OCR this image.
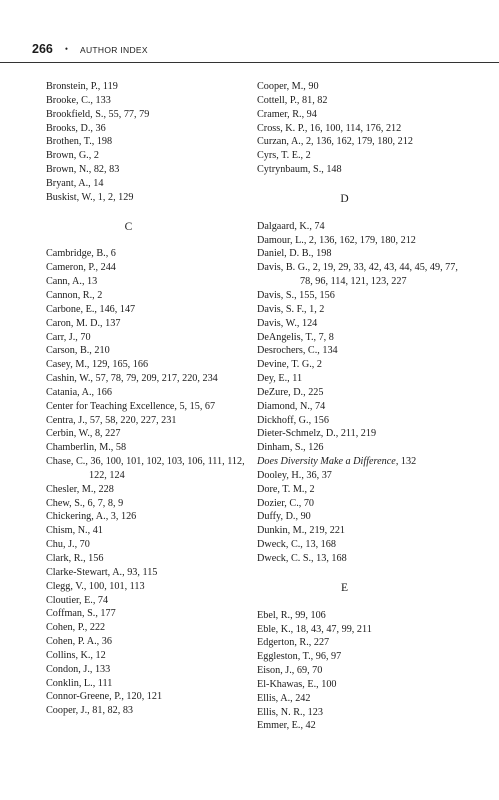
266 • AUTHOR INDEX

Bronstein, P., 119

Brooke, C., 133

Brookfield, S., 55, 77, 79

Brooks, D., 36

Brothen, T., 198

Brown, G., 2

Brown, N., 82, 83

Bryant, A., 14

Buskist, W., 1, 2, 129

C

Cambridge, B., 6

Cameron, P., 244

Cann, A., 13

Cannon, R., 2

Carbone, E., 146, 147

Caron, M. D., 137

Carr, J., 70

Carson, B., 210

Casey, M., 129, 165, 166

Cashin, W., 57, 78, 79, 209, 217, 220, 234

Catania, A., 166

Center for Teaching Excellence, 5, 15, 67

Centra, J., 57, 58, 220, 227, 231

Cerbin, W., 8, 227

Chamberlin, M., 58

Chase, C., 36, 100, 101, 102, 103, 106, 111, 112, 122, 124

Chesler, M., 228

Chew, S., 6, 7, 8, 9

Chickering, A., 3, 126

Chism, N., 41

Chu, J., 70

Clark, R., 156

Clarke-Stewart, A., 93, 115

Clegg, V., 100, 101, 113

Cloutier, E., 74

Coffman, S., 177

Cohen, P., 222

Cohen, P. A., 36

Collins, K., 12

Condon, J., 133

Conklin, L., 111

Connor-Greene, P., 120, 121

Cooper, J., 81, 82, 83

Cooper, M., 90

Cottell, P., 81, 82

Cramer, R., 94

Cross, K. P., 16, 100, 114, 176, 212

Curzan, A., 2, 136, 162, 179, 180, 212

Cyrs, T. E., 2

Cytrynbaum, S., 148

D

Dalgaard, K., 74

Damour, L., 2, 136, 162, 179, 180, 212

Daniel, D. B., 198

Davis, B. G., 2, 19, 29, 33, 42, 43, 44, 45, 49, 77, 78, 96, 114, 121, 123, 227

Davis, S., 155, 156

Davis, S. F., 1, 2

Davis, W., 124

DeAngelis, T., 7, 8

Desrochers, C., 134

Devine, T. G., 2

Dey, E., 11

DeZure, D., 225

Diamond, N., 74

Dickhoff, G., 156

Dieter-Schmelz, D., 211, 219

Dinham, S., 126

Does Diversity Make a Difference, 132

Dooley, H., 36, 37

Dore, T. M., 2

Dozier, C., 70

Duffy, D., 90

Dunkin, M., 219, 221

Dweck, C., 13, 168

Dweck, C. S., 13, 168

E

Ebel, R., 99, 106

Eble, K., 18, 43, 47, 99, 211

Edgerton, R., 227

Eggleston, T., 96, 97

Eison, J., 69, 70

El-Khawas, E., 100

Ellis, A., 242

Ellis, N. R., 123

Emmer, E., 42
